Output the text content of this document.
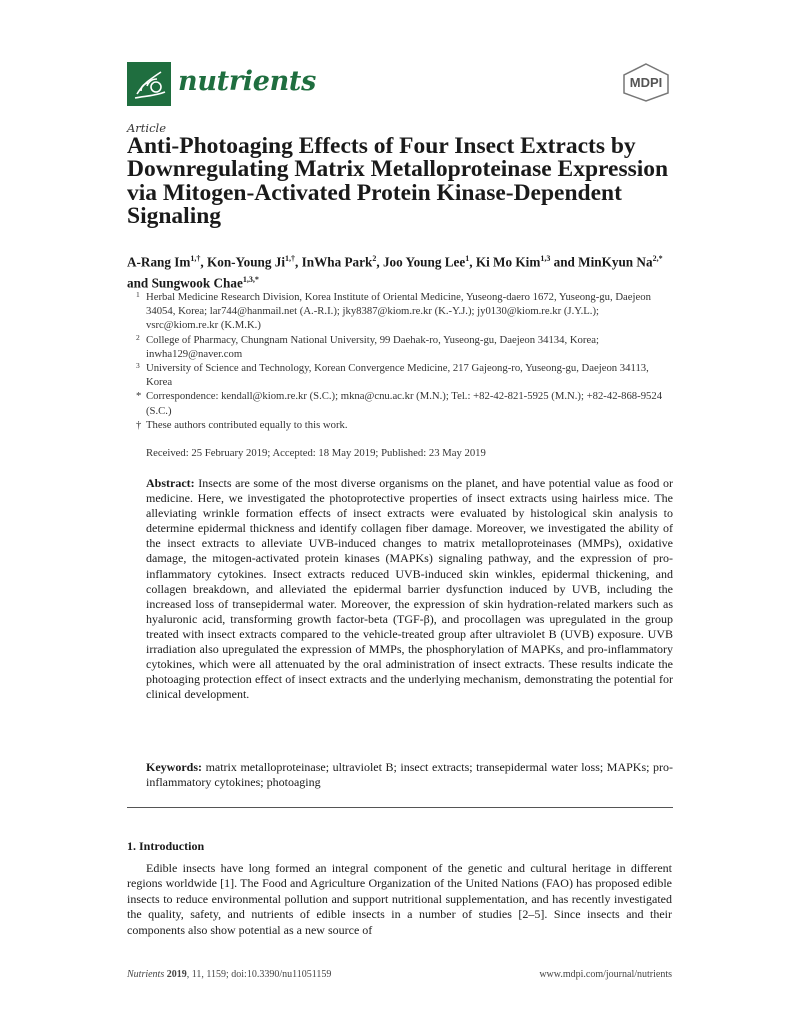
nutrients	MDPI
Article
Anti-Photoaging Effects of Four Insect Extracts by Downregulating Matrix Metalloproteinase Expression via Mitogen-Activated Protein Kinase-Dependent Signaling
A-Rang $Im^{1,\dagger}$, Kon-Young $Ji^{1,\dagger}$, InWha Park$^2$, Joo Young Lee$^1$, Ki Mo Kim$^{1,3}$ and MinKyun $Na^{2,*}$ and Sungwook Chae$^{1,3,*}$
1 Herbal Medicine Research Division, Korea Institute of Oriental Medicine, Yuseong-daero 1672, Yuseong-gu, Daejeon 34054, Korea; lar744@hanmail.net (A.-R.I.); jky8387@kiom.re.kr (K.-Y.J.); jy0130@kiom.re.kr (J.Y.L.); vsrc@kiom.re.kr (K.M.K.)
2 College of Pharmacy, Chungnam National University, 99 Daehak-ro, Yuseong-gu, Daejeon 34134, Korea; inwha129@naver.com
3 University of Science and Technology, Korean Convergence Medicine, 217 Gajeong-ro, Yuseong-gu, Daejeon 34113, Korea
* Correspondence: kendall@kiom.re.kr (S.C.); mkna@cnu.ac.kr (M.N.); Tel.: +82-42-821-5925 (M.N.); +82-42-868-9524 (S.C.)
† These authors contributed equally to this work.
Received: 25 February 2019; Accepted: 18 May 2019; Published: 23 May 2019
Abstract: Insects are some of the most diverse organisms on the planet, and have potential value as food or medicine. Here, we investigated the photoprotective properties of insect extracts using hairless mice. The alleviating wrinkle formation effects of insect extracts were evaluated by histological skin analysis to determine epidermal thickness and identify collagen fiber damage. Moreover, we investigated the ability of the insect extracts to alleviate UVB-induced changes to matrix metalloproteinases (MMPs), oxidative damage, the mitogen-activated protein kinases (MAPKs) signaling pathway, and the expression of pro-inflammatory cytokines. Insect extracts reduced UVB-induced skin winkles, epidermal thickening, and collagen breakdown, and alleviated the epidermal barrier dysfunction induced by UVB, including the increased loss of transepidermal water. Moreover, the expression of skin hydration-related markers such as hyaluronic acid, transforming growth factor-beta (TGF-β), and procollagen was upregulated in the group treated with insect extracts compared to the vehicle-treated group after ultraviolet B (UVB) exposure. UVB irradiation also upregulated the expression of MMPs, the phosphorylation of MAPKs, and pro-inflammatory cytokines, which were all attenuated by the oral administration of insect extracts. These results indicate the photoaging protection effect of insect extracts and the underlying mechanism, demonstrating the potential for clinical development.
Keywords: matrix metalloproteinase; ultraviolet B; insect extracts; transepidermal water loss; MAPKs; pro-inflammatory cytokines; photoaging
1. Introduction

Edible insects have long formed an integral component of the genetic and cultural heritage in different regions worldwide [1]. The Food and Agriculture Organization of the United Nations (FAO) has proposed edible insects to reduce environmental pollution and support nutritional supplementation, and has recently investigated the quality, safety, and nutrients of edible insects in a number of studies [2–5]. Since insects and their components also show potential as a new source of

Nutrients 2019, 11, 1159; doi:10.3390/nu11051159	www.mdpi.com/journal/nutrients
